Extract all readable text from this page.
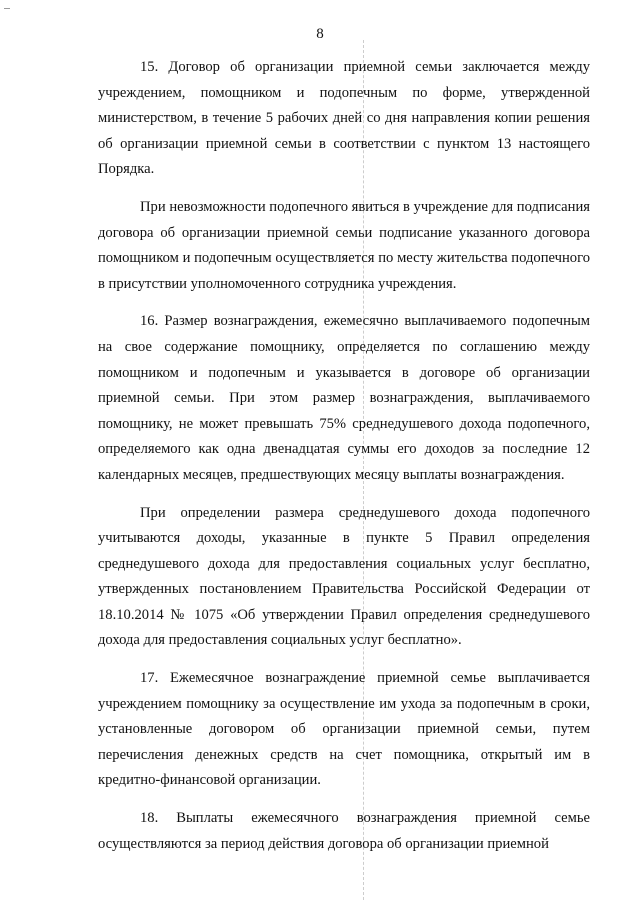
8

15. Договор об организации приемной семьи заключается между учреждением, помощником и подопечным по форме, утвержденной министерством, в течение 5 рабочих дней со дня направления копии решения об организации приемной семьи в соответствии с пунктом 13 настоящего Порядка.

При невозможности подопечного явиться в учреждение для подписания договора об организации приемной семьи подписание указанного договора помощником и подопечным осуществляется по месту жительства подопечного в присутствии уполномоченного сотрудника учреждения.

16. Размер вознаграждения, ежемесячно выплачиваемого подопечным на свое содержание помощнику, определяется по соглашению между помощником и подопечным и указывается в договоре об организации приемной семьи. При этом размер вознаграждения, выплачиваемого помощнику, не может превышать 75% среднедушевого дохода подопечного, определяемого как одна двенадцатая суммы его доходов за последние 12 календарных месяцев, предшествующих месяцу выплаты вознаграждения.

При определении размера среднедушевого дохода подопечного учитываются доходы, указанные в пункте 5 Правил определения среднедушевого дохода для предоставления социальных услуг бесплатно, утвержденных постановлением Правительства Российской Федерации от 18.10.2014 № 1075 «Об утверждении Правил определения среднедушевого дохода для предоставления социальных услуг бесплатно».

17. Ежемесячное вознаграждение приемной семье выплачивается учреждением помощнику за осуществление им ухода за подопечным в сроки, установленные договором об организации приемной семьи, путем перечисления денежных средств на счет помощника, открытый им в кредитно-финансовой организации.

18. Выплаты ежемесячного вознаграждения приемной семье осуществляются за период действия договора об организации приемной
